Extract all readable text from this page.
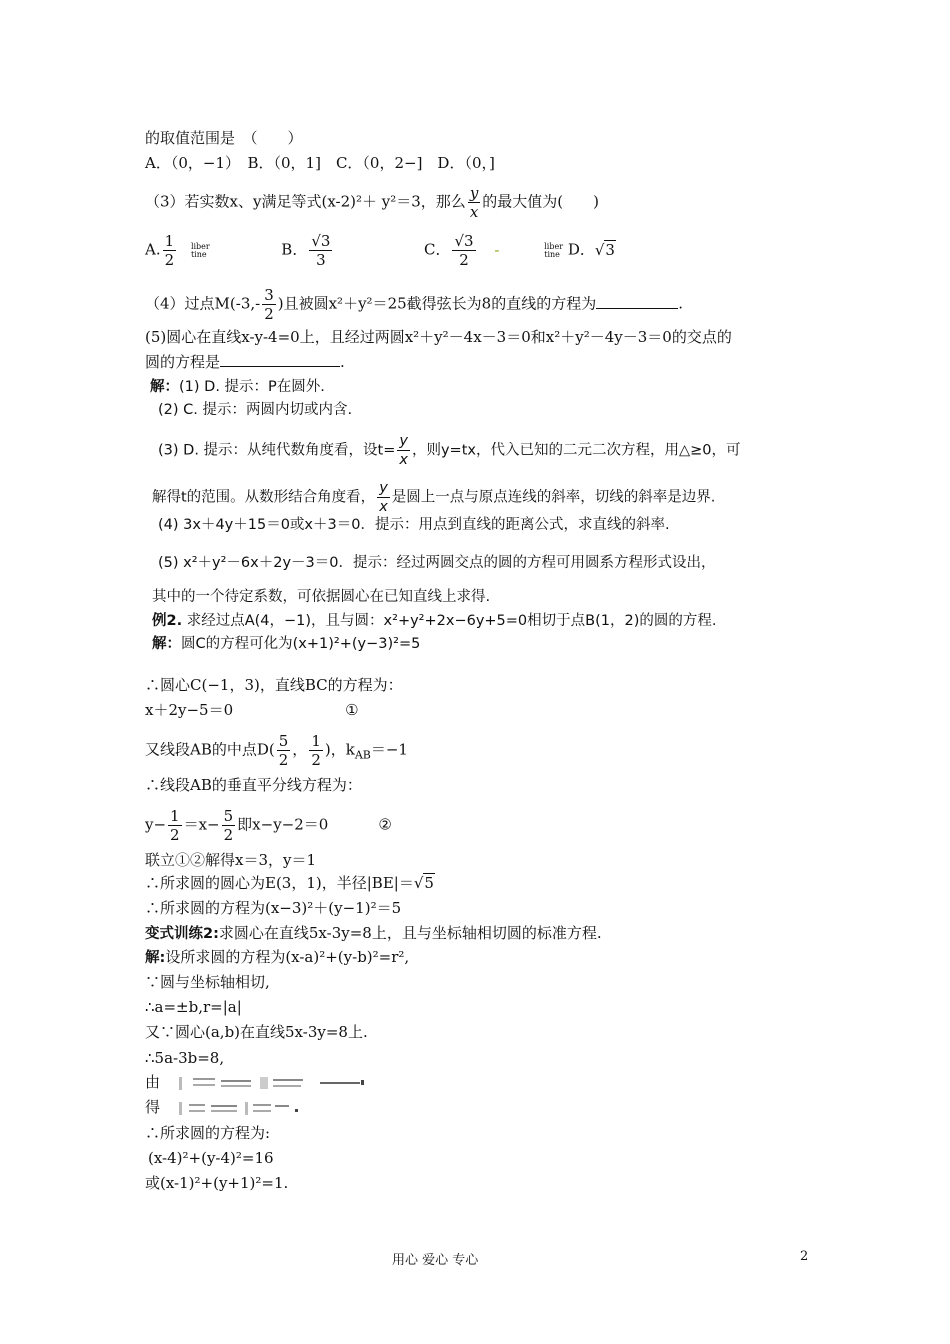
的取值范围是　（　　）
A．（0，−1）　B．（0，1]　C．（0，2−]　D．（0，]
（3）若实数x、y满足等式(x-2)²＋ y²＝3，那么 $\frac{y}{x}$ 的最大值为(　　)
A. $\frac{1}{2}$ liber
tine	B． $\frac{√3}{3}$	C． $\frac{√3}{2}$ -	liber
tine D．√3
（4）过点$M(-3,- \frac{3}{2}$ )且被圆x²＋y²＝25截得弦长为8的直线的方程为	.
(5)圆心在直线x-y-4=0上，且经过两圆x²＋y²－4x－3＝0和x²＋y²－4y－3＝0的交点的
圆的方程是	.
解：(1) D. 提示：P在圆外.
(2) C. 提示：两圆内切或内含.
(3) D. 提示：从纯代数角度看，设$t= \frac{y}{x}$ ，则y=tx，代入已知的二元二次方程，用△≥0，可
解得t的范围。从数形结合角度看， $\frac{y}{x}$ 是圆上一点与原点连线的斜率，切线的斜率是边界.
(4) 3x＋4y＋15＝0或x＋3＝0．提示：用点到直线的距离公式，求直线的斜率.
(5) x²＋y²－6x＋2y－3＝0．提示：经过两圆交点的圆的方程可用圆系方程形式设出，
其中的一个待定系数，可依据圆心在已知直线上求得.
例2. 求经过点A(4，−1)，且与圆：x²+y²+2x−6y+5=0相切于点B(1，2)的圆的方程.
解：圆C的方程可化为(x+1)²+(y−3)²=5
∴圆心C(−1，3)，直线BC的方程为：
x＋2y−5＝0	①
又线段AB的中点$D( \frac{5}{2}$ ， $\frac{1}{2}$ )，$k_{AB}=-1$
∴线段AB的垂直平分线方程为：
$y- \frac{1}{2} =x- \frac{5}{2}$ 即x−y−2＝0	②
联立①②解得x＝3，y＝1
∴所求圆的圆心为E(3，1)，半径|BE|＝√5
∴所求圆的方程为(x−3)²＋(y−1)²＝5
变式训练2:求圆心在直线5x-3y=8上，且与坐标轴相切圆的标准方程.
解:设所求圆的方程为(x-a)²+(y-b)²=r²,
∵圆与坐标轴相切,
∴a=±b,r=|a|
又∵圆心(a,b)在直线5x-3y=8上.
∴5a-3b=8,
由
得
∴所求圆的方程为:
(x-4)²+(y-4)²=16
或(x-1)²+(y+1)²=1.
用心 爱心 专心	2
